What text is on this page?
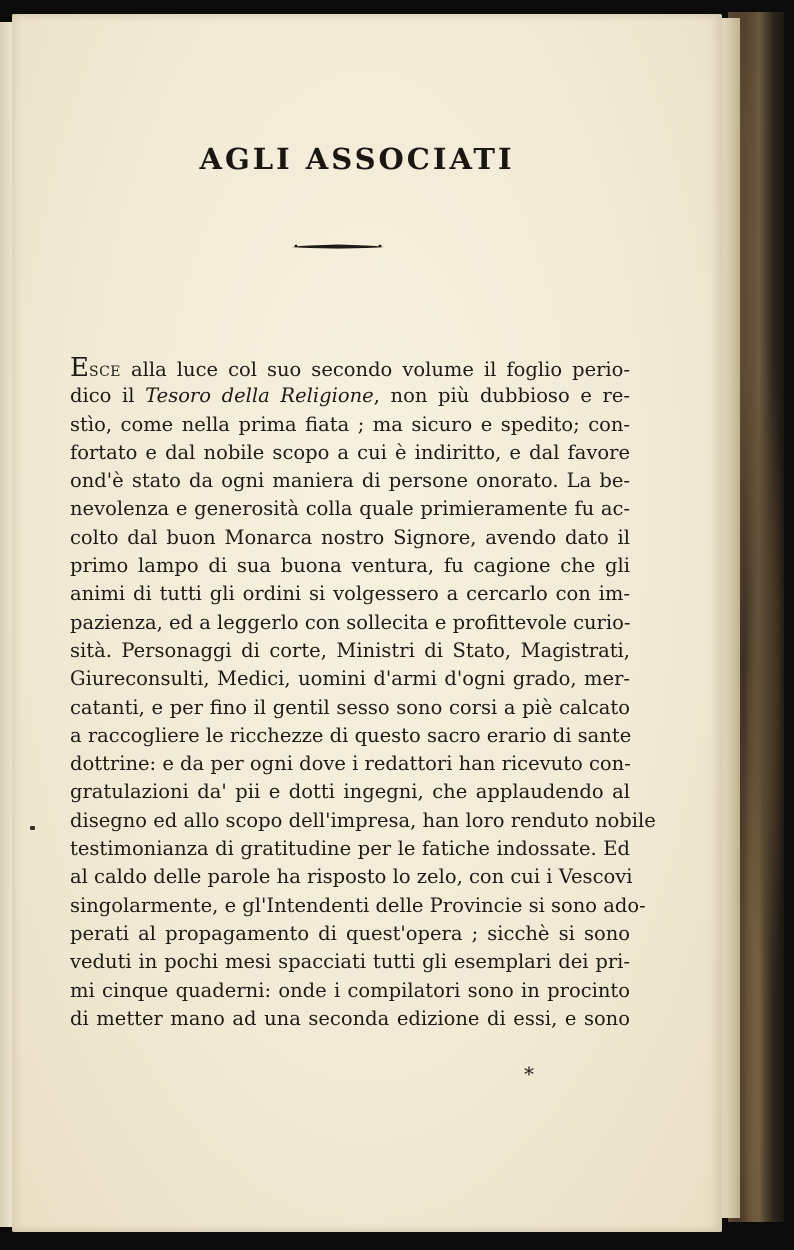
AGLI ASSOCIATI
Esce alla luce col suo secondo volume il foglio perio-
dico il Tesoro della Religione, non più dubbioso e re-
stìo, come nella prima fiata ; ma sicuro e spedito; con-
fortato e dal nobile scopo a cui è indiritto, e dal favore
ond'è stato da ogni maniera di persone onorato. La be-
nevolenza e generosità colla quale primieramente fu ac-
colto dal buon Monarca nostro Signore, avendo dato il
primo lampo di sua buona ventura, fu cagione che gli
animi di tutti gli ordini si volgessero a cercarlo con im-
pazienza, ed a leggerlo con sollecita e profittevole curio-
sità. Personaggi di corte, Ministri di Stato, Magistrati,
Giureconsulti, Medici, uomini d'armi d'ogni grado, mer-
catanti, e per fino il gentil sesso sono corsi a piè calcato
a raccogliere le ricchezze di questo sacro erario di sante
dottrine: e da per ogni dove i redattori han ricevuto con-
gratulazioni da' pii e dotti ingegni, che applaudendo al
disegno ed allo scopo dell'impresa, han loro renduto nobile
testimonianza di gratitudine per le fatiche indossate. Ed
al caldo delle parole ha risposto lo zelo, con cui i Vescovi
singolarmente, e gl'Intendenti delle Provincie si sono ado-
perati al propagamento di quest'opera ; sicchè si sono
veduti in pochi mesi spacciati tutti gli esemplari dei pri-
mi cinque quaderni: onde i compilatori sono in procinto
di metter mano ad una seconda edizione di essi, e sono
*
